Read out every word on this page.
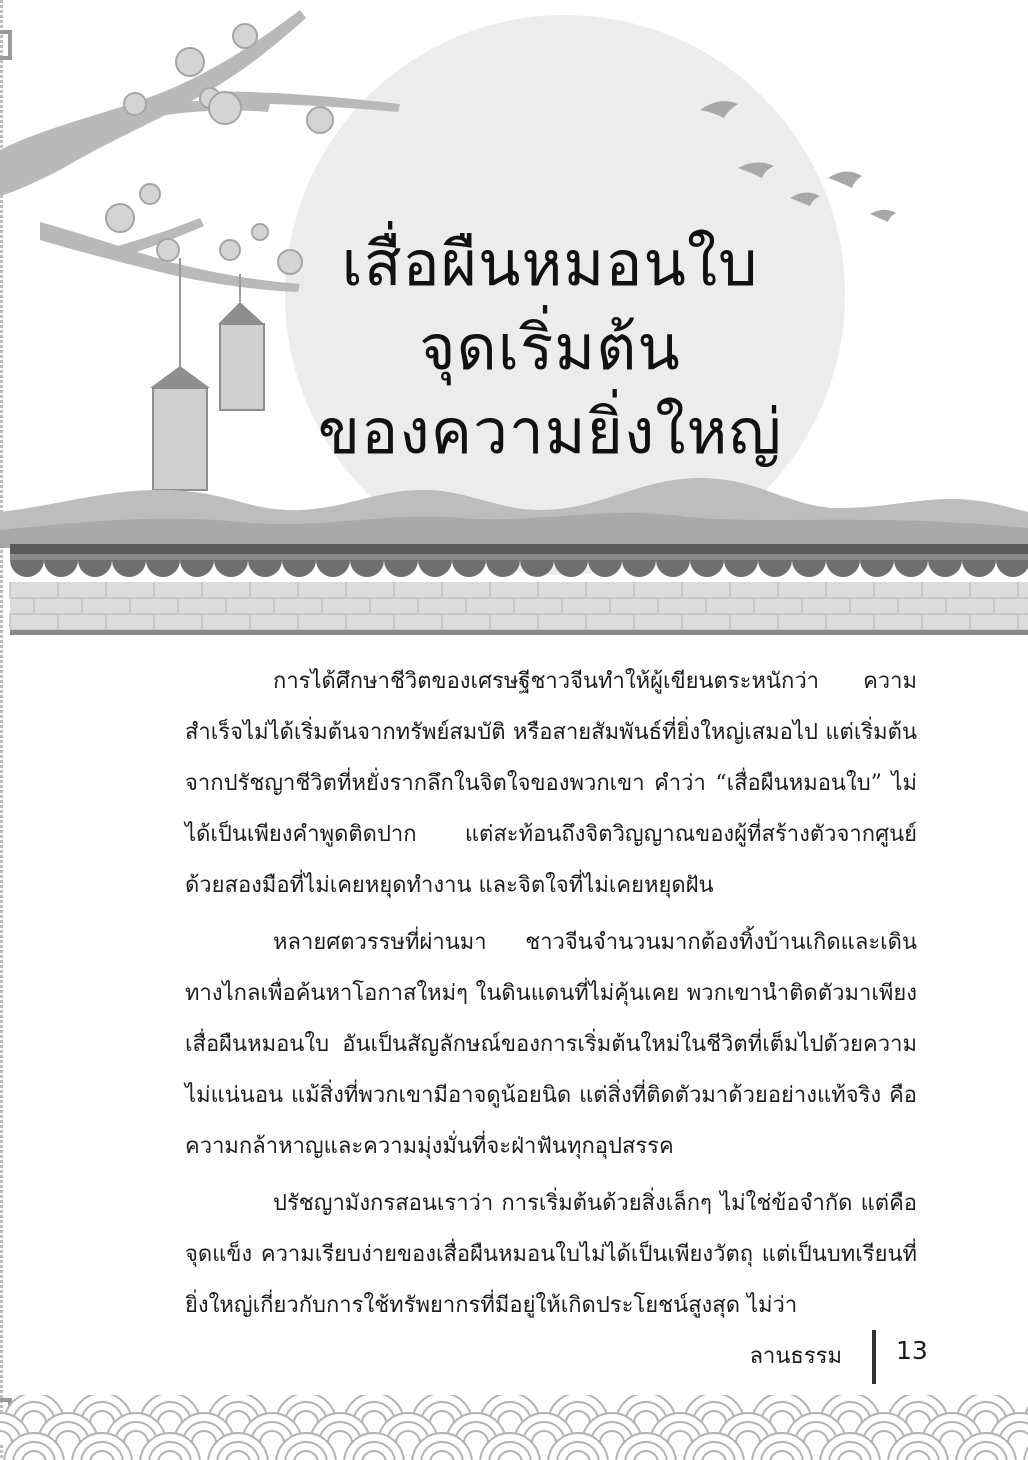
เสื่อผืนหมอนใบ
จุดเริ่มต้น
ของความยิ่งใหญ่

การได้ศึกษาชีวิตของเศรษฐีชาวจีนทำให้ผู้เขียนตระหนักว่า ความสำเร็จไม่ได้เริ่มต้นจากทรัพย์สมบัติ หรือสายสัมพันธ์ที่ยิ่งใหญ่เสมอไป แต่เริ่มต้นจากปรัชญาชีวิตที่หยั่งรากลึกในจิตใจของพวกเขา คำว่า “เสื่อผืนหมอนใบ” ไม่ได้เป็นเพียงคำพูดติดปาก แต่สะท้อนถึงจิตวิญญาณของผู้ที่สร้างตัวจากศูนย์ ด้วยสองมือที่ไม่เคยหยุดทำงาน และจิตใจที่ไม่เคยหยุดฝัน

หลายศตวรรษที่ผ่านมา ชาวจีนจำนวนมากต้องทิ้งบ้านเกิดและเดินทางไกลเพื่อค้นหาโอกาสใหม่ๆ ในดินแดนที่ไม่คุ้นเคย พวกเขานำติดตัวมาเพียงเสื่อผืนหมอนใบ อันเป็นสัญลักษณ์ของการเริ่มต้นใหม่ในชีวิตที่เต็มไปด้วยความไม่แน่นอน แม้สิ่งที่พวกเขามีอาจดูน้อยนิด แต่สิ่งที่ติดตัวมาด้วยอย่างแท้จริง คือความกล้าหาญและความมุ่งมั่นที่จะฝ่าฟันทุกอุปสรรค

ปรัชญามังกรสอนเราว่า การเริ่มต้นด้วยสิ่งเล็กๆ ไม่ใช่ข้อจำกัด แต่คือจุดแข็ง ความเรียบง่ายของเสื่อผืนหมอนใบไม่ได้เป็นเพียงวัตถุ แต่เป็นบทเรียนที่ยิ่งใหญ่เกี่ยวกับการใช้ทรัพยากรที่มีอยู่ให้เกิดประโยชน์สูงสุด ไม่ว่า

ลานธรรม 13
